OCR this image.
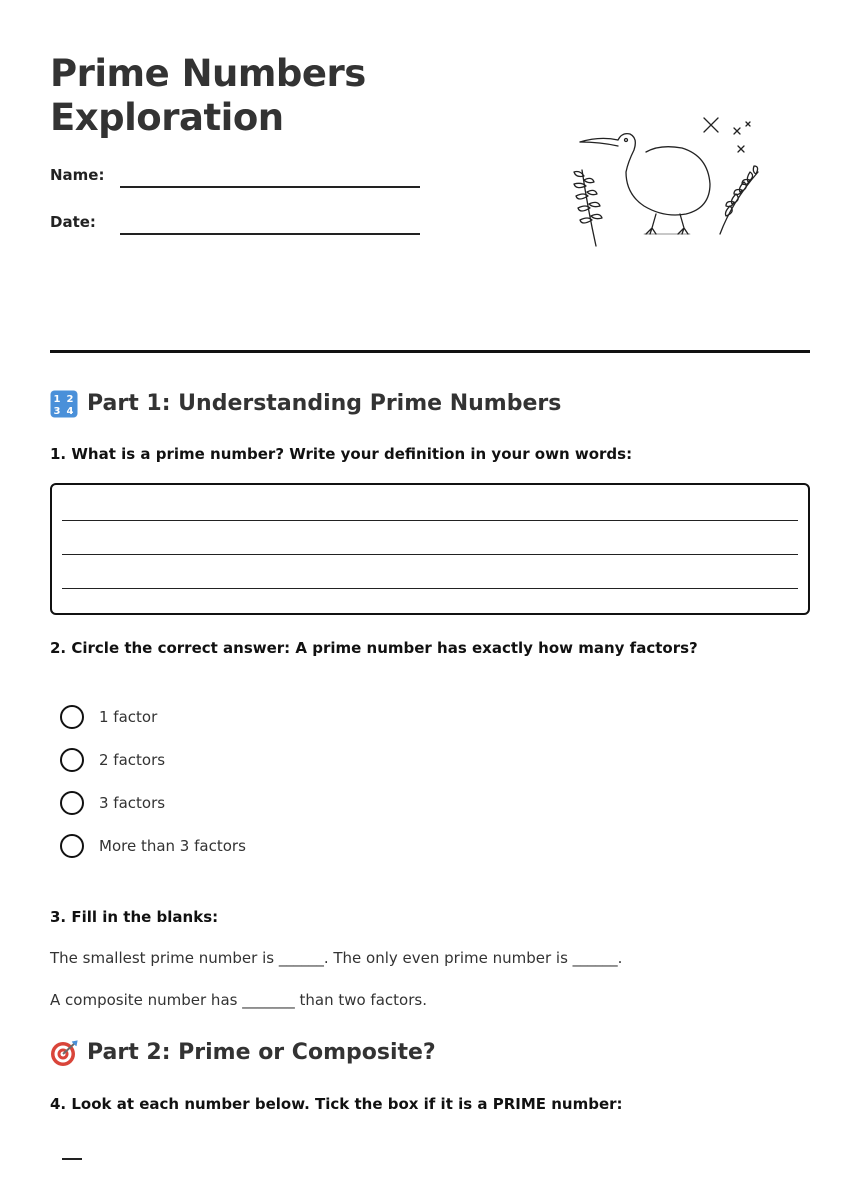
Prime Numbers
Exploration
Name:
Date:
1 2
3 4 Part 1: Understanding Prime Numbers
1. What is a prime number? Write your definition in your own words:
2. Circle the correct answer: A prime number has exactly how many factors?
1 factor
2 factors
3 factors
More than 3 factors
3. Fill in the blanks:
The smallest prime number is ______. The only even prime number is ______.
A composite number has _______ than two factors.
Part 2: Prime or Composite?
4. Look at each number below. Tick the box if it is a PRIME number:
